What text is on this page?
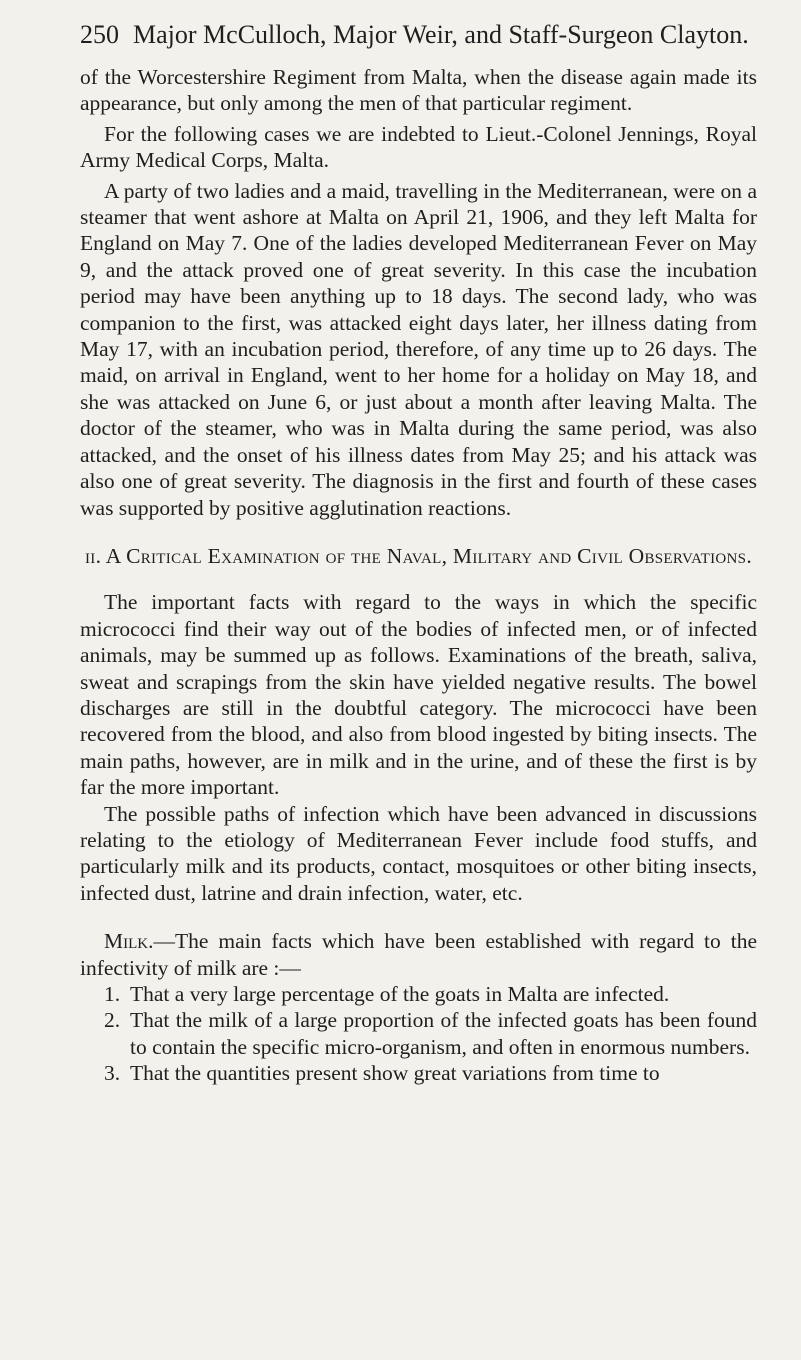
250 Major McCulloch, Major Weir, and Staff-Surgeon Clayton.

of the Worcestershire Regiment from Malta, when the disease again made its appearance, but only among the men of that particular regiment.

For the following cases we are indebted to Lieut.-Colonel Jennings, Royal Army Medical Corps, Malta.

A party of two ladies and a maid, travelling in the Mediterranean, were on a steamer that went ashore at Malta on April 21, 1906, and they left Malta for England on May 7. One of the ladies developed Mediterranean Fever on May 9, and the attack proved one of great severity. In this case the incubation period may have been anything up to 18 days. The second lady, who was companion to the first, was attacked eight days later, her illness dating from May 17, with an incubation period, therefore, of any time up to 26 days. The maid, on arrival in England, went to her home for a holiday on May 18, and she was attacked on June 6, or just about a month after leaving Malta. The doctor of the steamer, who was in Malta during the same period, was also attacked, and the onset of his illness dates from May 25; and his attack was also one of great severity. The diagnosis in the first and fourth of these cases was supported by positive agglutination reactions.

ii. A Critical Examination of the Naval, Military and Civil Observations.

The important facts with regard to the ways in which the specific micrococci find their way out of the bodies of infected men, or of infected animals, may be summed up as follows. Examinations of the breath, saliva, sweat and scrapings from the skin have yielded negative results. The bowel discharges are still in the doubtful category. The micrococci have been recovered from the blood, and also from blood ingested by biting insects. The main paths, however, are in milk and in the urine, and of these the first is by far the more important.

The possible paths of infection which have been advanced in discussions relating to the etiology of Mediterranean Fever include food stuffs, and particularly milk and its products, contact, mosquitoes or other biting insects, infected dust, latrine and drain infection, water, etc.

Milk.—The main facts which have been established with regard to the infectivity of milk are :—

1. That a very large percentage of the goats in Malta are infected.
2. That the milk of a large proportion of the infected goats has been found to contain the specific micro-organism, and often in enormous numbers.
3. That the quantities present show great variations from time to
